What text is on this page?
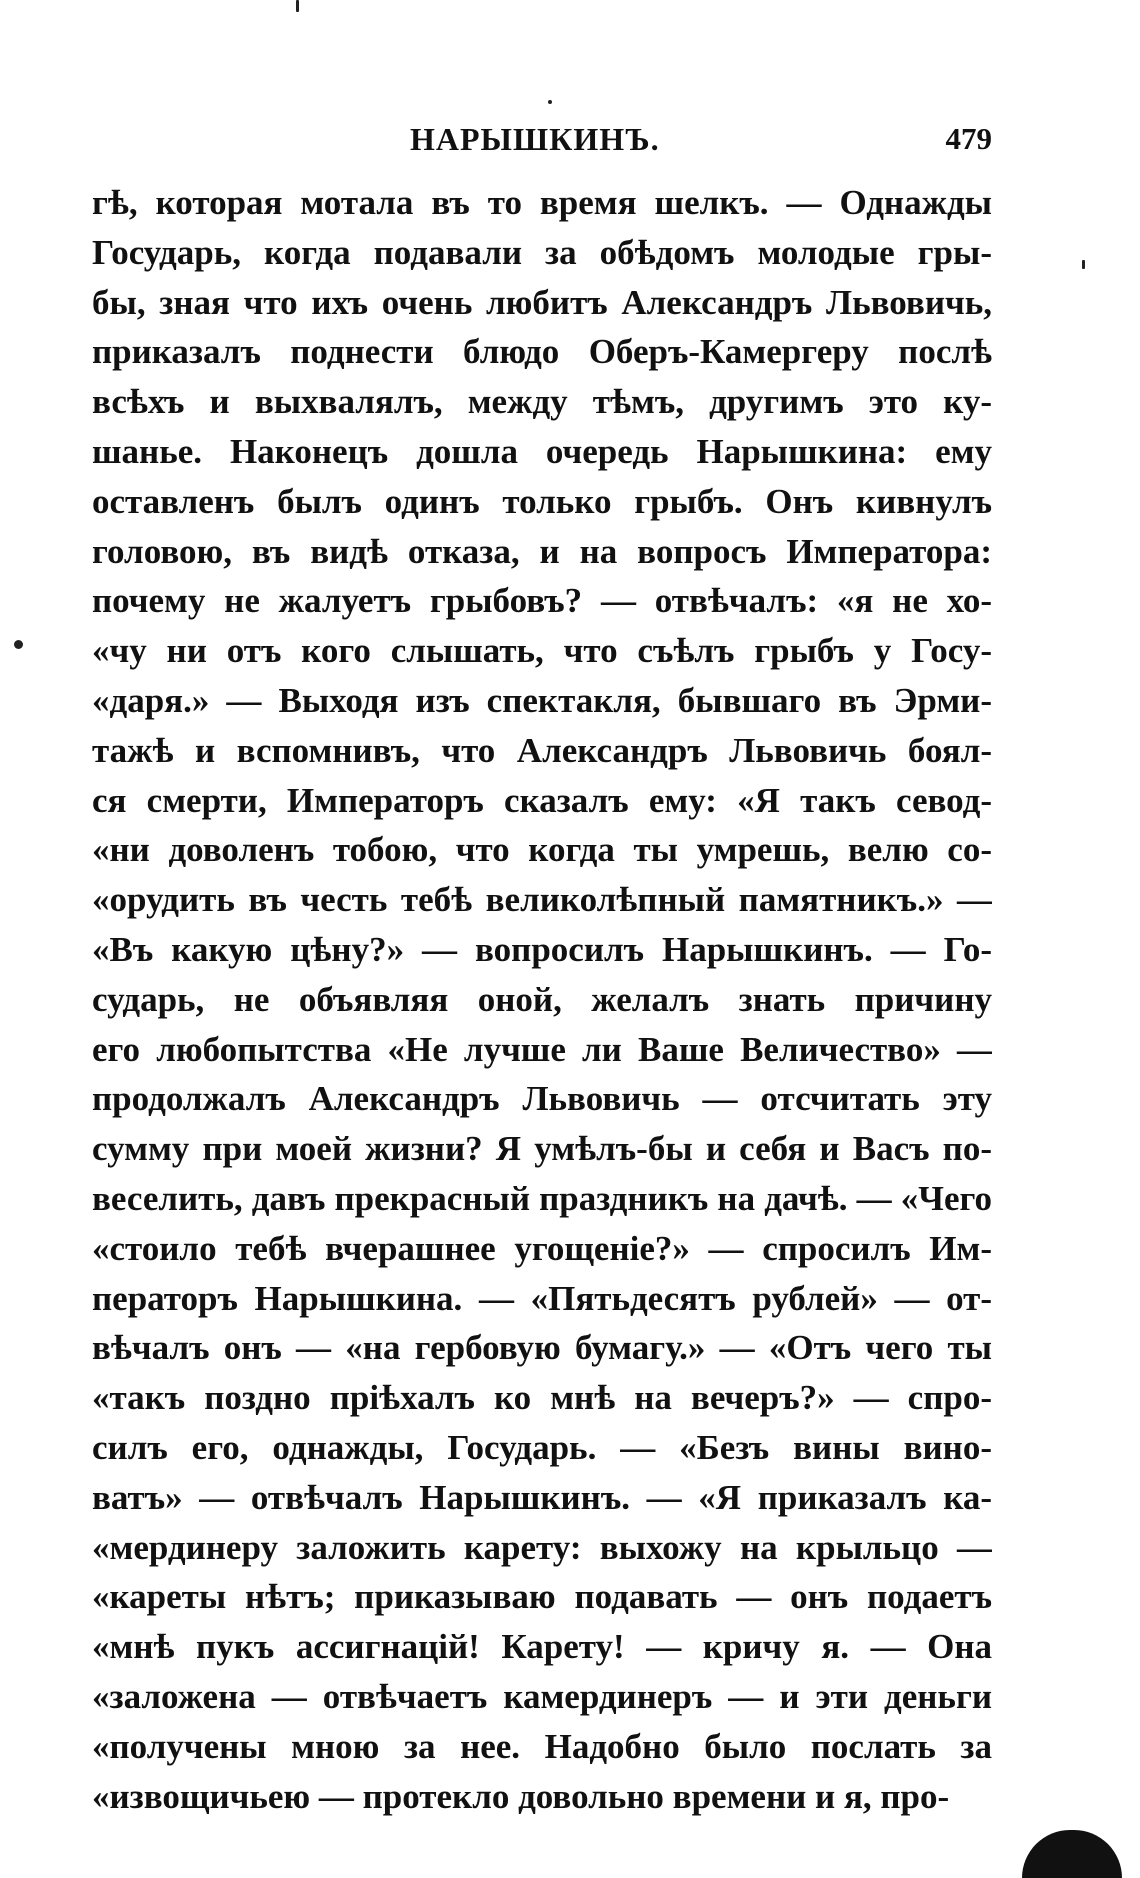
НАРЫШКИНЪ.	479
гѣ, которая мотала въ то время шелкъ. — Однажды
Государь, когда подавали за обѣдомъ молодые гры-
бы, зная что ихъ очень любитъ Александръ Львовичь,
приказалъ поднести блюдо Оберъ-Камергеру послѣ
всѣхъ и выхвалялъ, между тѣмъ, другимъ это ку-
шанье. Наконецъ дошла очередь Нарышкина: ему
оставленъ былъ одинъ только грыбъ. Онъ кивнулъ
головою, въ видѣ отказа, и на вопросъ Императора:
почему не жалуетъ грыбовъ? — отвѣчалъ: «я не хо-
«чу ни отъ кого слышать, что съѣлъ грыбъ у Госу-
«даря.» — Выходя изъ спектакля, бывшаго въ Эрми-
тажѣ и вспомнивъ, что Александръ Львовичь боял-
ся смерти, Императоръ сказалъ ему: «Я такъ севод-
«ни доволенъ тобою, что когда ты умрешь, велю со-
«орудить въ честь тебѣ великолѣпный памятникъ.» —
«Въ какую цѣну?» — вопросилъ Нарышкинъ. — Го-
сударь, не объявляя оной, желалъ знать причину
его любопытства «Не лучше ли Ваше Величество» —
продолжалъ Александръ Львовичь — отсчитать эту
сумму при моей жизни? Я умѣлъ-бы и себя и Васъ по-
веселить, давъ прекрасный праздникъ на дачѣ. — «Чего
«стоило тебѣ вчерашнее угощеніе?» — спросилъ Им-
ператоръ Нарышкина. — «Пятьдесятъ рублей» — от-
вѣчалъ онъ — «на гербовую бумагу.» — «Отъ чего ты
«такъ поздно пріѣхалъ ко мнѣ на вечеръ?» — спро-
силъ его, однажды, Государь. — «Безъ вины вино-
ватъ» — отвѣчалъ Нарышкинъ. — «Я приказалъ ка-
«мердинеру заложить карету: выхожу на крыльцо —
«кареты нѣтъ; приказываю подавать — онъ подаетъ
«мнѣ пукъ ассигнацій! Карету! — кричу я. — Она
«заложена — отвѣчаетъ камердинеръ — и эти деньги
«получены мною за нее. Надобно было послать за
«извощичьею — протекло довольно времени и я, про-
